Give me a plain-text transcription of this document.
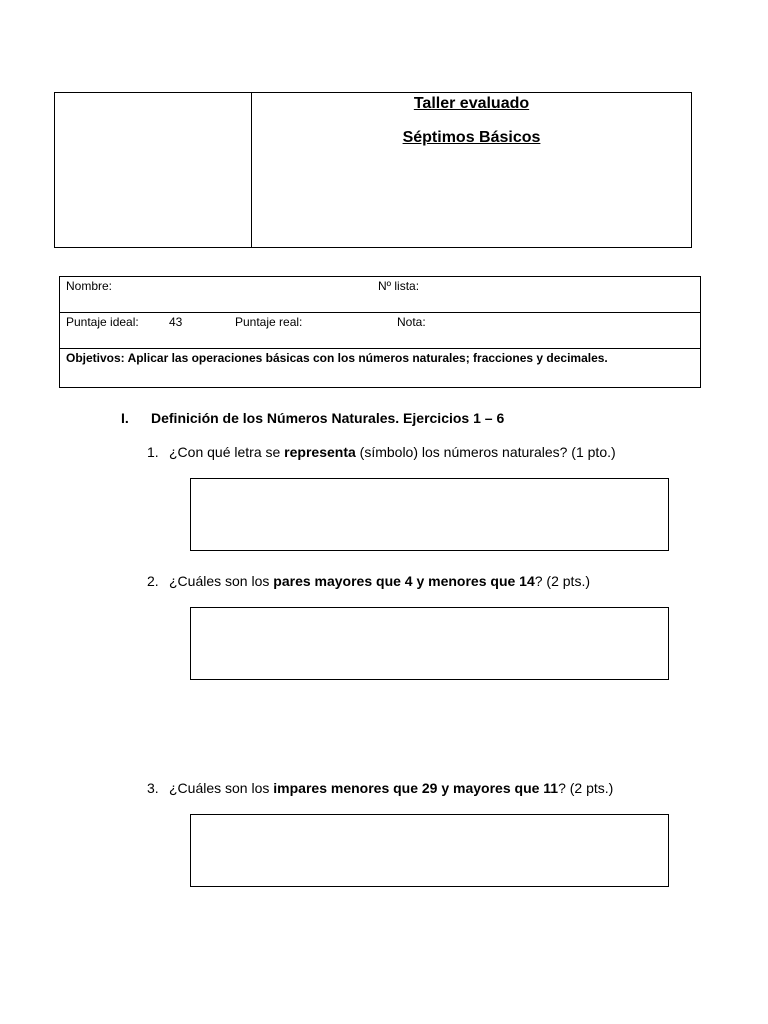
Taller evaluado
Séptimos Básicos
Nombre:	Nº lista:
Puntaje ideal:	43	Puntaje real:	Nota:
Objetivos: Aplicar las operaciones básicas con los números naturales; fracciones y decimales.
I. Definición de los Números Naturales. Ejercicios 1 – 6
1. ¿Con qué letra se representa (símbolo) los números naturales? (1 pto.)
2. ¿Cuáles son los pares mayores que 4 y menores que 14? (2 pts.)
3. ¿Cuáles son los impares menores que 29 y mayores que 11? (2 pts.)
